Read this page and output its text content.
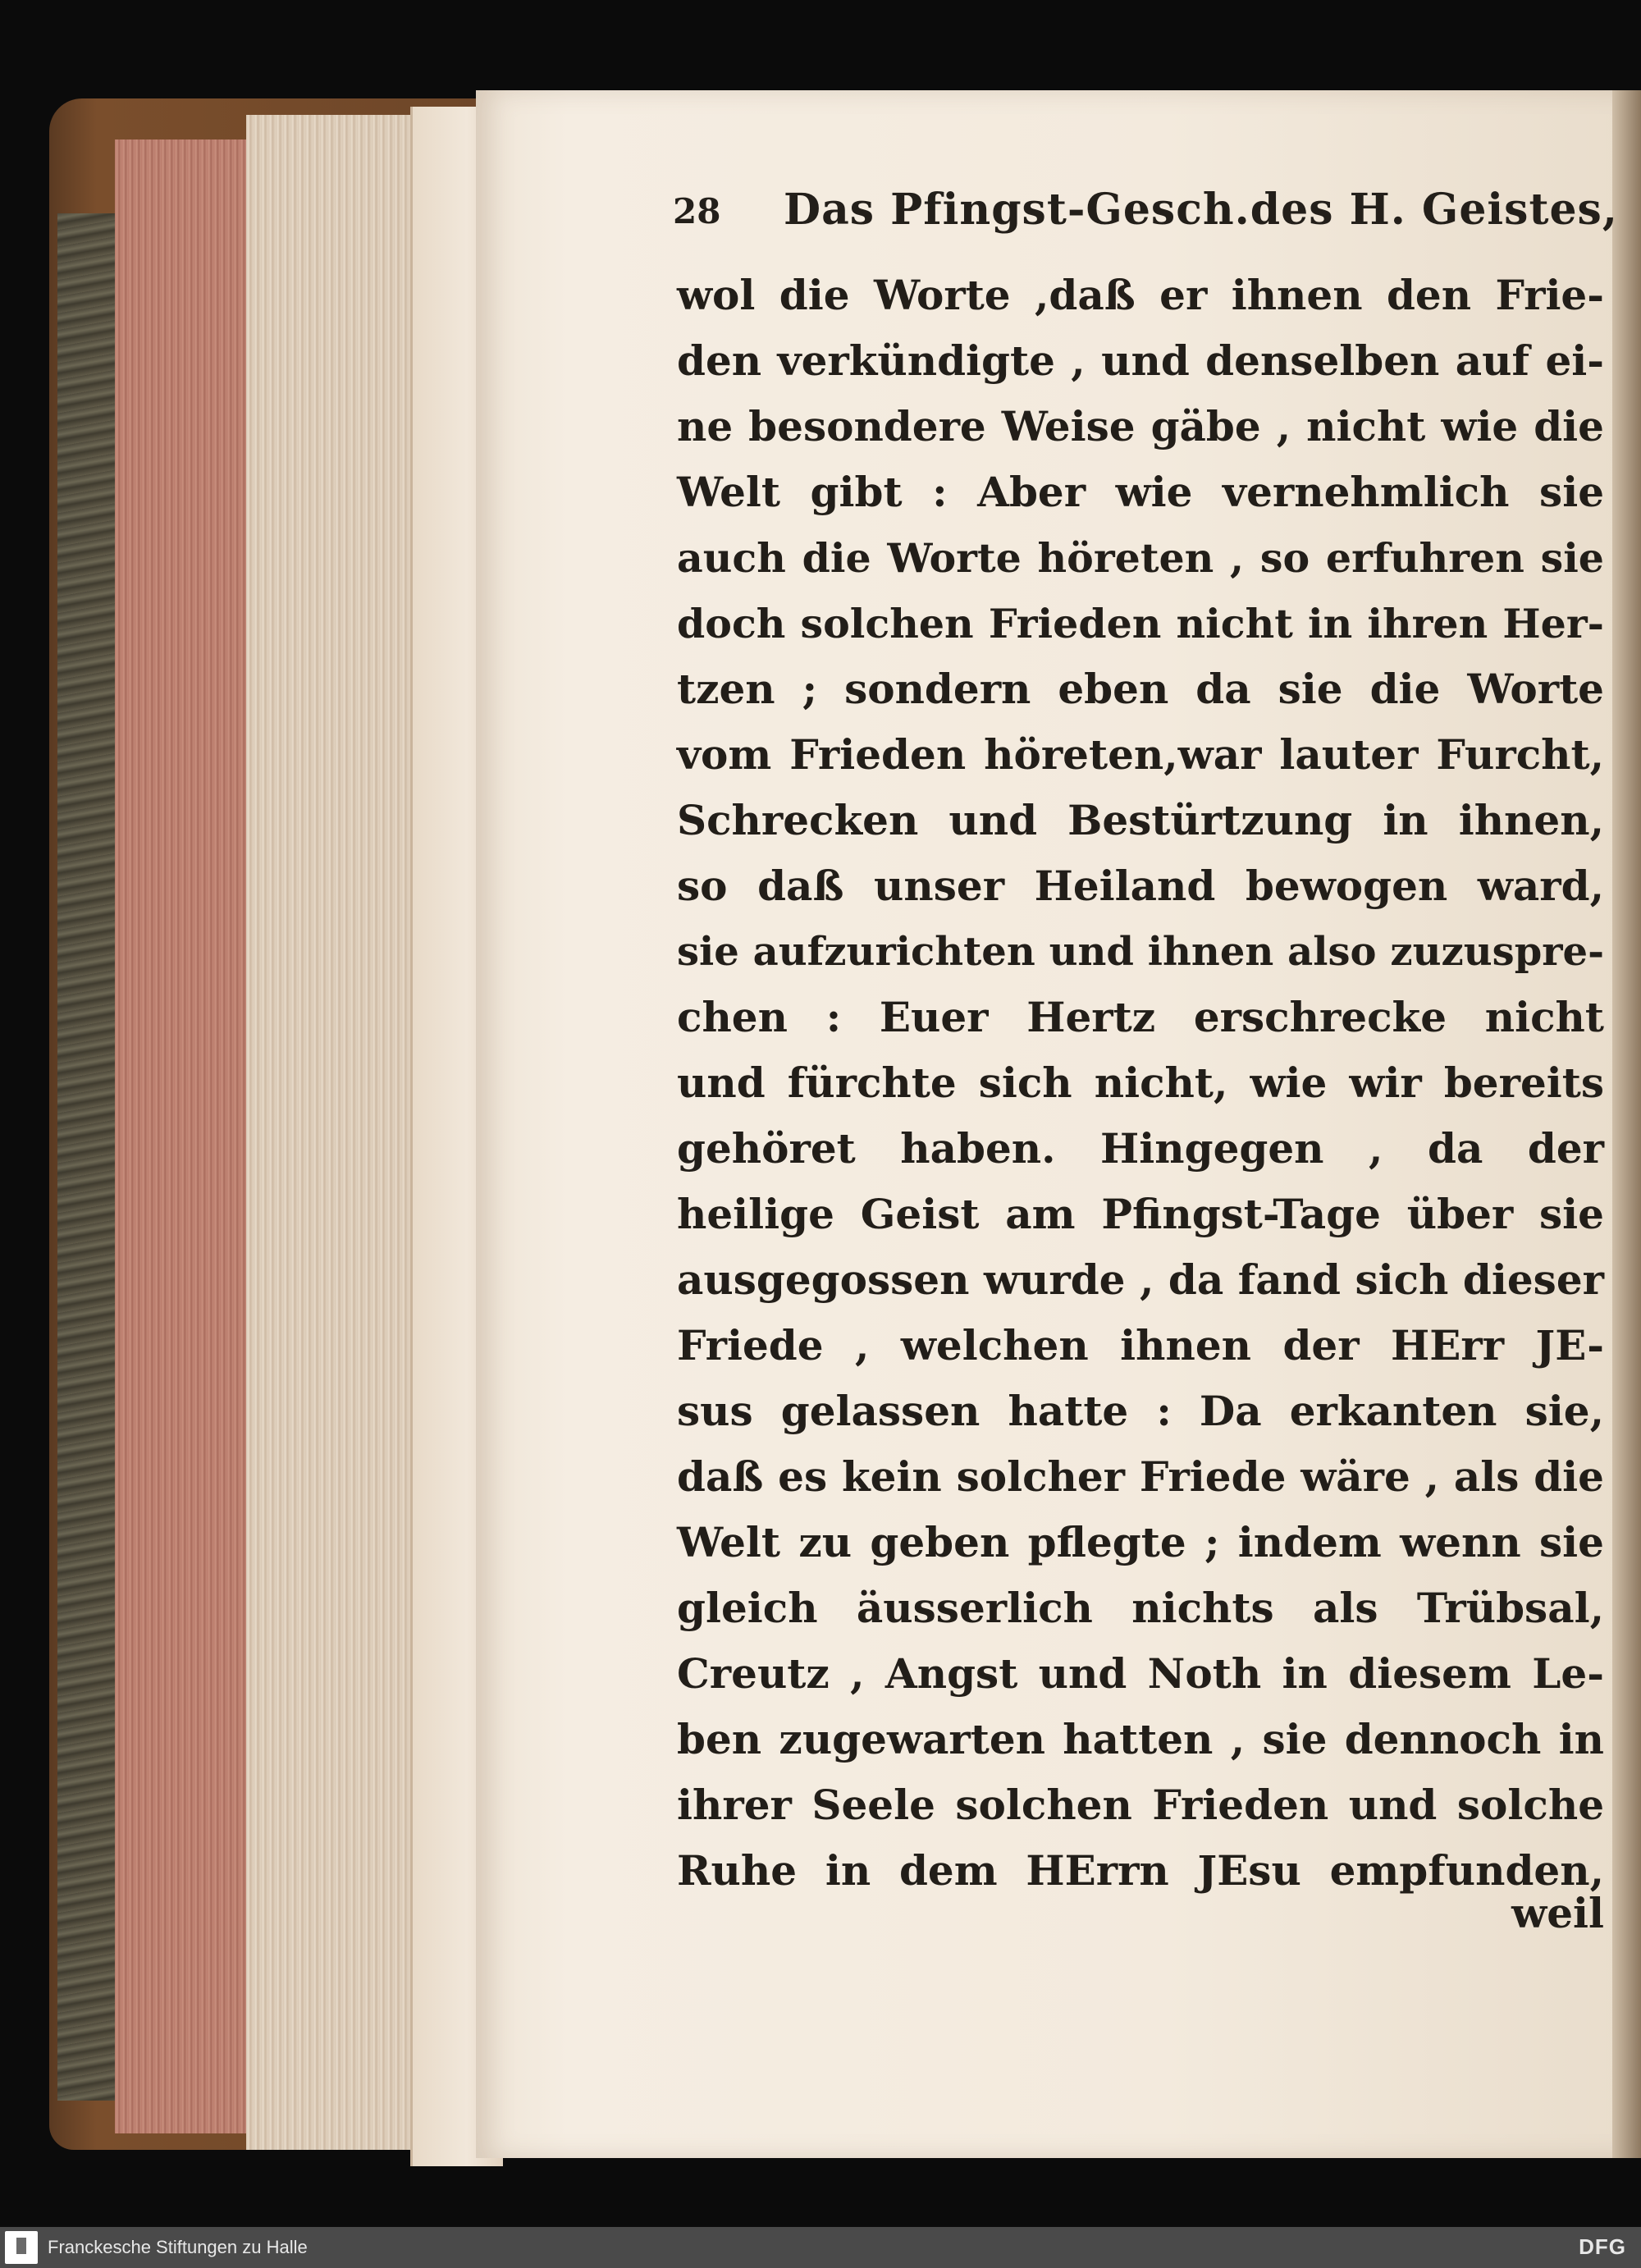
28 Das Pfingst-Gesch.des H. Geistes,
wol die Worte ,daß er ihnen den Frie-
den verkündigte , und denselben auf ei-
ne besondere Weise gäbe , nicht wie die
Welt gibt : Aber wie vernehmlich sie
auch die Worte höreten , so erfuhren sie
doch solchen Frieden nicht in ihren Her-
tzen ; sondern eben da sie die Worte
vom Frieden höreten,war lauter Furcht,
Schrecken und Bestürtzung in ihnen,
so daß unser Heiland bewogen ward,
sie aufzurichten und ihnen also zuzuspre-
chen : Euer Hertz erschrecke nicht
und fürchte sich nicht, wie wir bereits
gehöret haben. Hingegen , da der
heilige Geist am Pfingst-Tage über sie
ausgegossen wurde , da fand sich dieser
Friede , welchen ihnen der HErr JE-
sus gelassen hatte : Da erkanten sie,
daß es kein solcher Friede wäre , als die
Welt zu geben pflegte ; indem wenn sie
gleich äusserlich nichts als Trübsal,
Creutz , Angst und Noth in diesem Le-
ben zugewarten hatten , sie dennoch in
ihrer Seele solchen Frieden und solche
Ruhe in dem HErrn JEsu empfunden,
weil
Franckesche Stiftungen zu Halle	DFG
